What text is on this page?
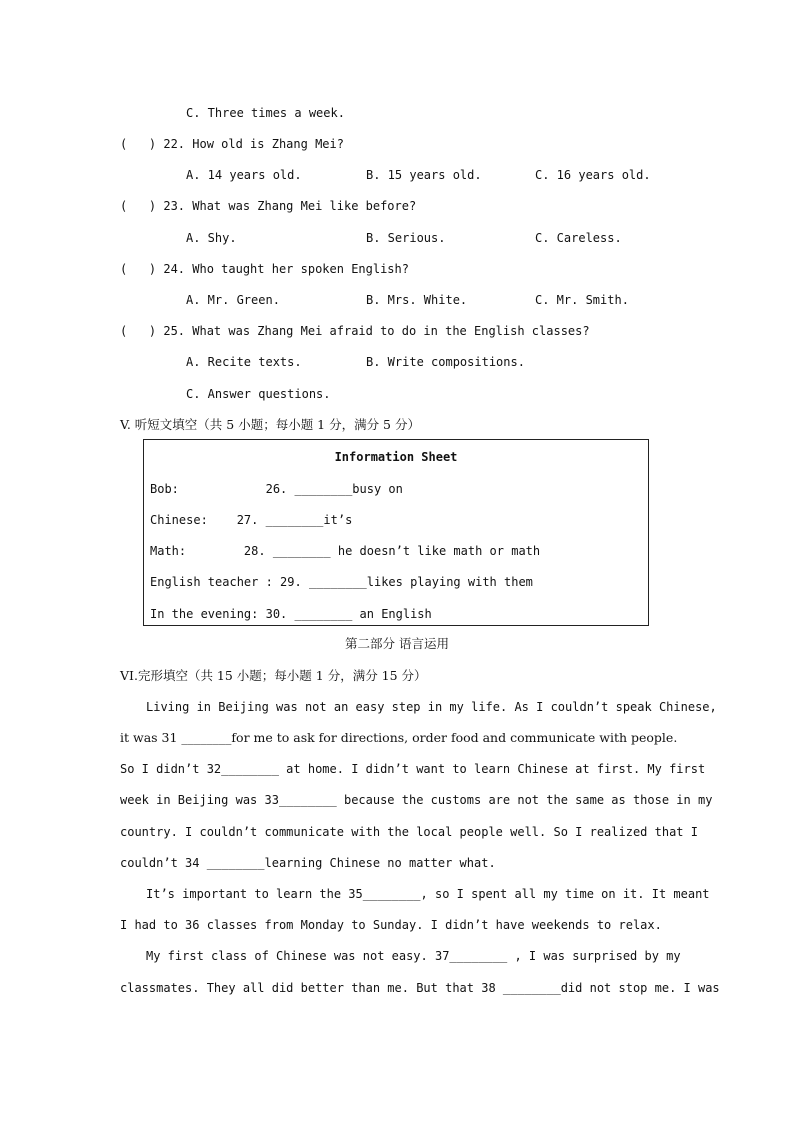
C. Three times a week.
(   ) 22. How old is Zhang Mei?
A. 14 years old.	B. 15 years old.	C. 16 years old.
(   ) 23. What was Zhang Mei like before?
A. Shy.	B. Serious.	C. Careless.
(   ) 24. Who taught her spoken English?
A. Mr. Green.	B. Mrs. White.	C. Mr. Smith.
(   ) 25. What was Zhang Mei afraid to do in the English classes?
A. Recite texts.	B. Write compositions.
C. Answer questions.
V. 听短文填空（共 5 小题；每小题 1 分，满分 5 分）
Information Sheet
Bob:            26. ________busy on
Chinese:    27. ________it’s
Math:        28. ________ he doesn’t like math or math
English teacher : 29. ________likes playing with them
In the evening: 30. ________ an English
第二部分 语言运用
VI.完形填空（共 15 小题；每小题 1 分，满分 15 分）
Living in Beijing was not an easy step in my life. As I couldn’t speak Chinese,
it was 31 ________for me to ask for directions, order food and communicate with people.
So I didn’t 32________ at home. I didn’t want to learn Chinese at first. My first
week in Beijing was 33________ because the customs are not the same as those in my
country. I couldn’t communicate with the local people well. So I realized that I
couldn’t 34 ________learning Chinese no matter what.
It’s important to learn the 35________, so I spent all my time on it. It meant
I had to 36 classes from Monday to Sunday. I didn’t have weekends to relax.
My first class of Chinese was not easy. 37________ , I was surprised by my
classmates. They all did better than me. But that 38 ________did not stop me. I was
